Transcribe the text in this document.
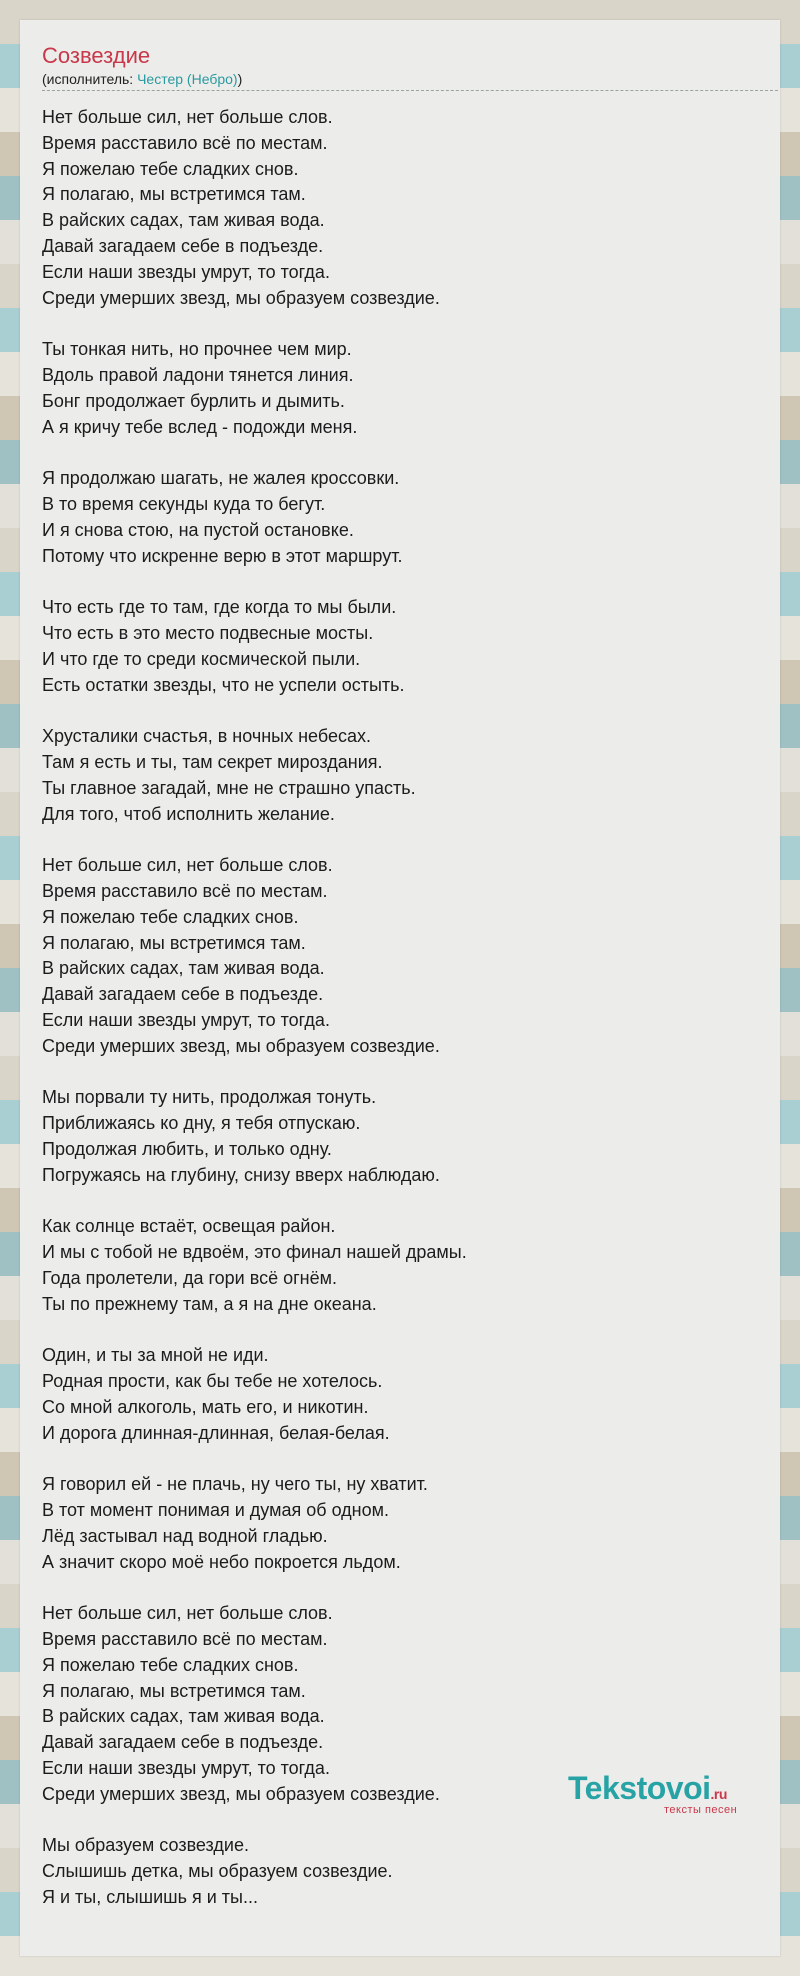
Созвездие
(исполнитель: Честер (Небро))
Нет больше сил, нет больше слов.
Время расставило всё по местам.
Я пожелаю тебе сладких снов.
Я полагаю, мы встретимся там.
В райских садах, там живая вода.
Давай загадаем себе в подъезде.
Если наши звезды умрут, то тогда.
Среди умерших звезд, мы образуем созвездие.
Ты тонкая нить, но прочнее чем мир.
Вдоль правой ладони тянется линия.
Бонг продолжает бурлить и дымить.
А я кричу тебе вслед - подожди меня.
Я продолжаю шагать, не жалея кроссовки.
В то время секунды куда то бегут.
И я снова стою, на пустой остановке.
Потому что искренне верю в этот маршрут.
Что есть где то там, где когда то мы были.
Что есть в это место подвесные мосты.
И что где то среди космической пыли.
Есть остатки звезды, что не успели остыть.
Хрусталики счастья, в ночных небесах.
Там я есть и ты, там секрет мироздания.
Ты главное загадай, мне не страшно упасть.
Для того, чтоб исполнить желание.
Нет больше сил, нет больше слов.
Время расставило всё по местам.
Я пожелаю тебе сладких снов.
Я полагаю, мы встретимся там.
В райских садах, там живая вода.
Давай загадаем себе в подъезде.
Если наши звезды умрут, то тогда.
Среди умерших звезд, мы образуем созвездие.
Мы порвали ту нить, продолжая тонуть.
Приближаясь ко дну, я тебя отпускаю.
Продолжая любить, и только одну.
Погружаясь на глубину, снизу вверх наблюдаю.
Как солнце встаёт, освещая район.
И мы с тобой не вдвоём, это финал нашей драмы.
Года пролетели, да гори всё огнём.
Ты по прежнему там, а я на дне океана.
Один, и ты за мной не иди.
Родная прости, как бы тебе не хотелось.
Со мной алкоголь, мать его, и никотин.
И дорога длинная-длинная, белая-белая.
Я говорил ей - не плачь, ну чего ты, ну хватит.
В тот момент понимая и думая об одном.
Лёд застывал над водной гладью.
А значит скоро моё небо покроется льдом.
Нет больше сил, нет больше слов.
Время расставило всё по местам.
Я пожелаю тебе сладких снов.
Я полагаю, мы встретимся там.
В райских садах, там живая вода.
Давай загадаем себе в подъезде.
Если наши звезды умрут, то тогда.
Среди умерших звезд, мы образуем созвездие.
Мы образуем созвездие.
Слышишь детка, мы образуем созвездие.
Я и ты, слышишь я и ты...
Tekstovoi.ru
тексты песен
